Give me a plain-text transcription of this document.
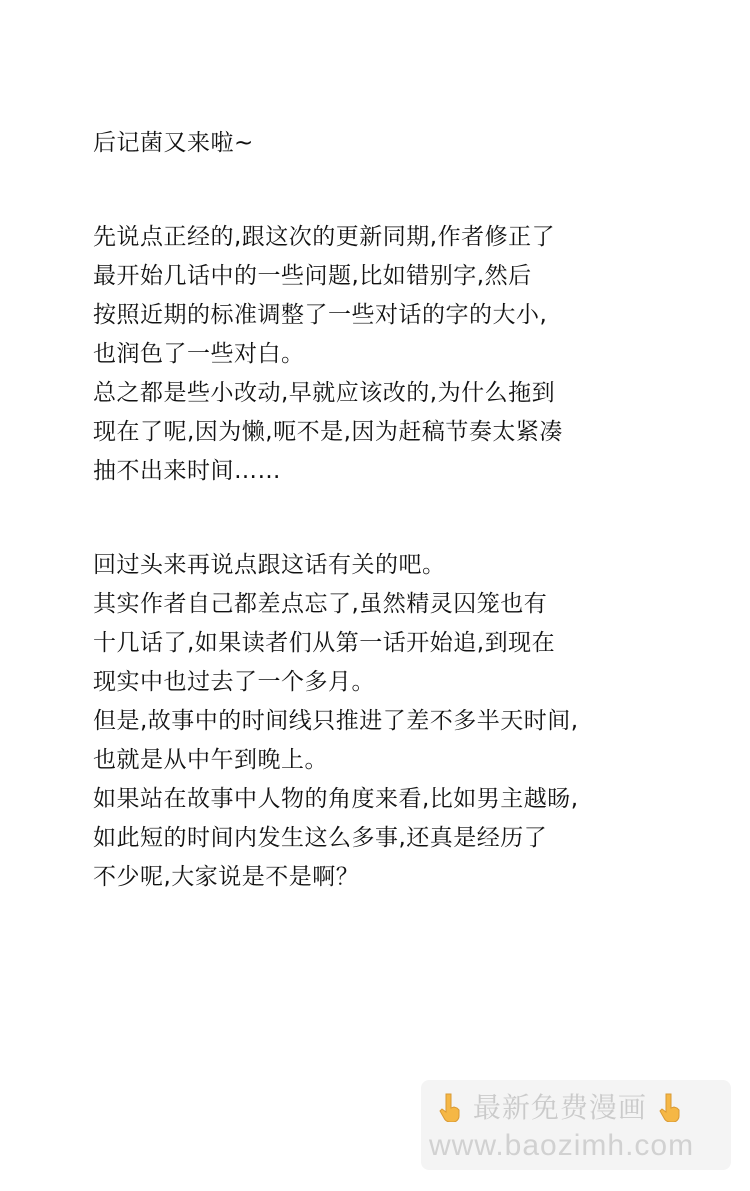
后记菌又来啦~
先说点正经的,跟这次的更新同期,作者修正了
最开始几话中的一些问题,比如错别字,然后
按照近期的标准调整了一些对话的字的大小,
也润色了一些对白。
总之都是些小改动,早就应该改的,为什么拖到
现在了呢,因为懒,呃不是,因为赶稿节奏太紧凑
抽不出来时间……
回过头来再说点跟这话有关的吧。
其实作者自己都差点忘了,虽然精灵囚笼也有
十几话了,如果读者们从第一话开始追,到现在
现实中也过去了一个多月。
但是,故事中的时间线只推进了差不多半天时间,
也就是从中午到晚上。
如果站在故事中人物的角度来看,比如男主越旸,
如此短的时间内发生这么多事,还真是经历了
不少呢,大家说是不是啊？
最新免费漫画
www.baozimh.com
